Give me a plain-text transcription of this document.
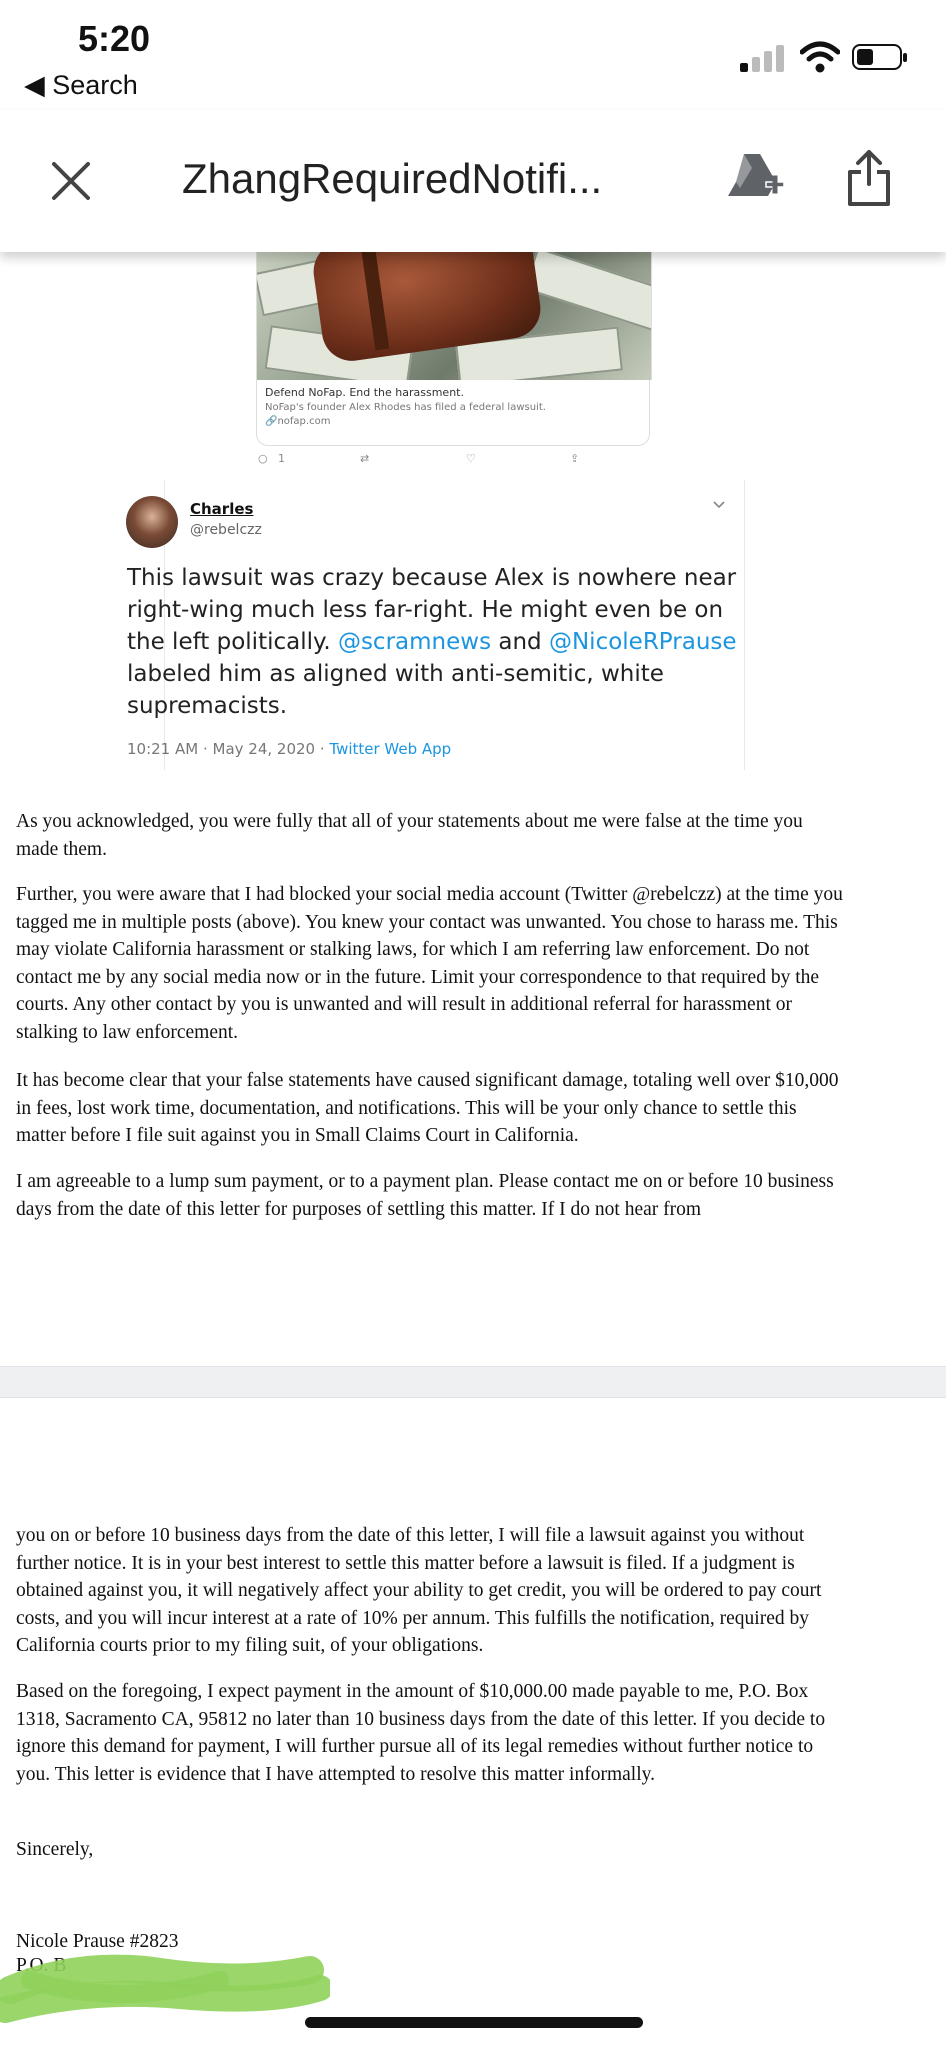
5:20
◀ Search
ZhangRequiredNotifi...
Defend NoFap. End the harassment.
NoFap's founder Alex Rhodes has filed a federal lawsuit.
🔗nofap.com
○ 1	⇄	♡	⇪
Charles
@rebelczz
This lawsuit was crazy because Alex is nowhere near right-wing much less far-right. He might even be on the left politically. @scramnews and @NicoleRPrause labeled him as aligned with anti-semitic, white supremacists.
10:21 AM · May 24, 2020 · Twitter Web App
As you acknowledged, you were fully that all of your statements about me were false at the time you made them.
Further, you were aware that I had blocked your social media account (Twitter @rebelczz) at the time you tagged me in multiple posts (above). You knew your contact was unwanted. You chose to harass me. This may violate California harassment or stalking laws, for which I am referring law enforcement. Do not contact me by any social media now or in the future. Limit your correspondence to that required by the courts. Any other contact by you is unwanted and will result in additional referral for harassment or stalking to law enforcement.
It has become clear that your false statements have caused significant damage, totaling well over $10,000 in fees, lost work time, documentation, and notifications. This will be your only chance to settle this matter before I file suit against you in Small Claims Court in California.
I am agreeable to a lump sum payment, or to a payment plan. Please contact me on or before 10 business days from the date of this letter for purposes of settling this matter. If I do not hear from
you on or before 10 business days from the date of this letter, I will file a lawsuit against you without further notice. It is in your best interest to settle this matter before a lawsuit is filed. If a judgment is obtained against you, it will negatively affect your ability to get credit, you will be ordered to pay court costs, and you will incur interest at a rate of 10% per annum. This fulfills the notification, required by California courts prior to my filing suit, of your obligations.
Based on the foregoing, I expect payment in the amount of $10,000.00 made payable to me, P.O. Box 1318, Sacramento CA, 95812 no later than 10 business days from the date of this letter. If you decide to ignore this demand for payment, I will further pursue all of its legal remedies without further notice to you. This letter is evidence that I have attempted to resolve this matter informally.
Sincerely,
Nicole Prause #2823
P.O. B
